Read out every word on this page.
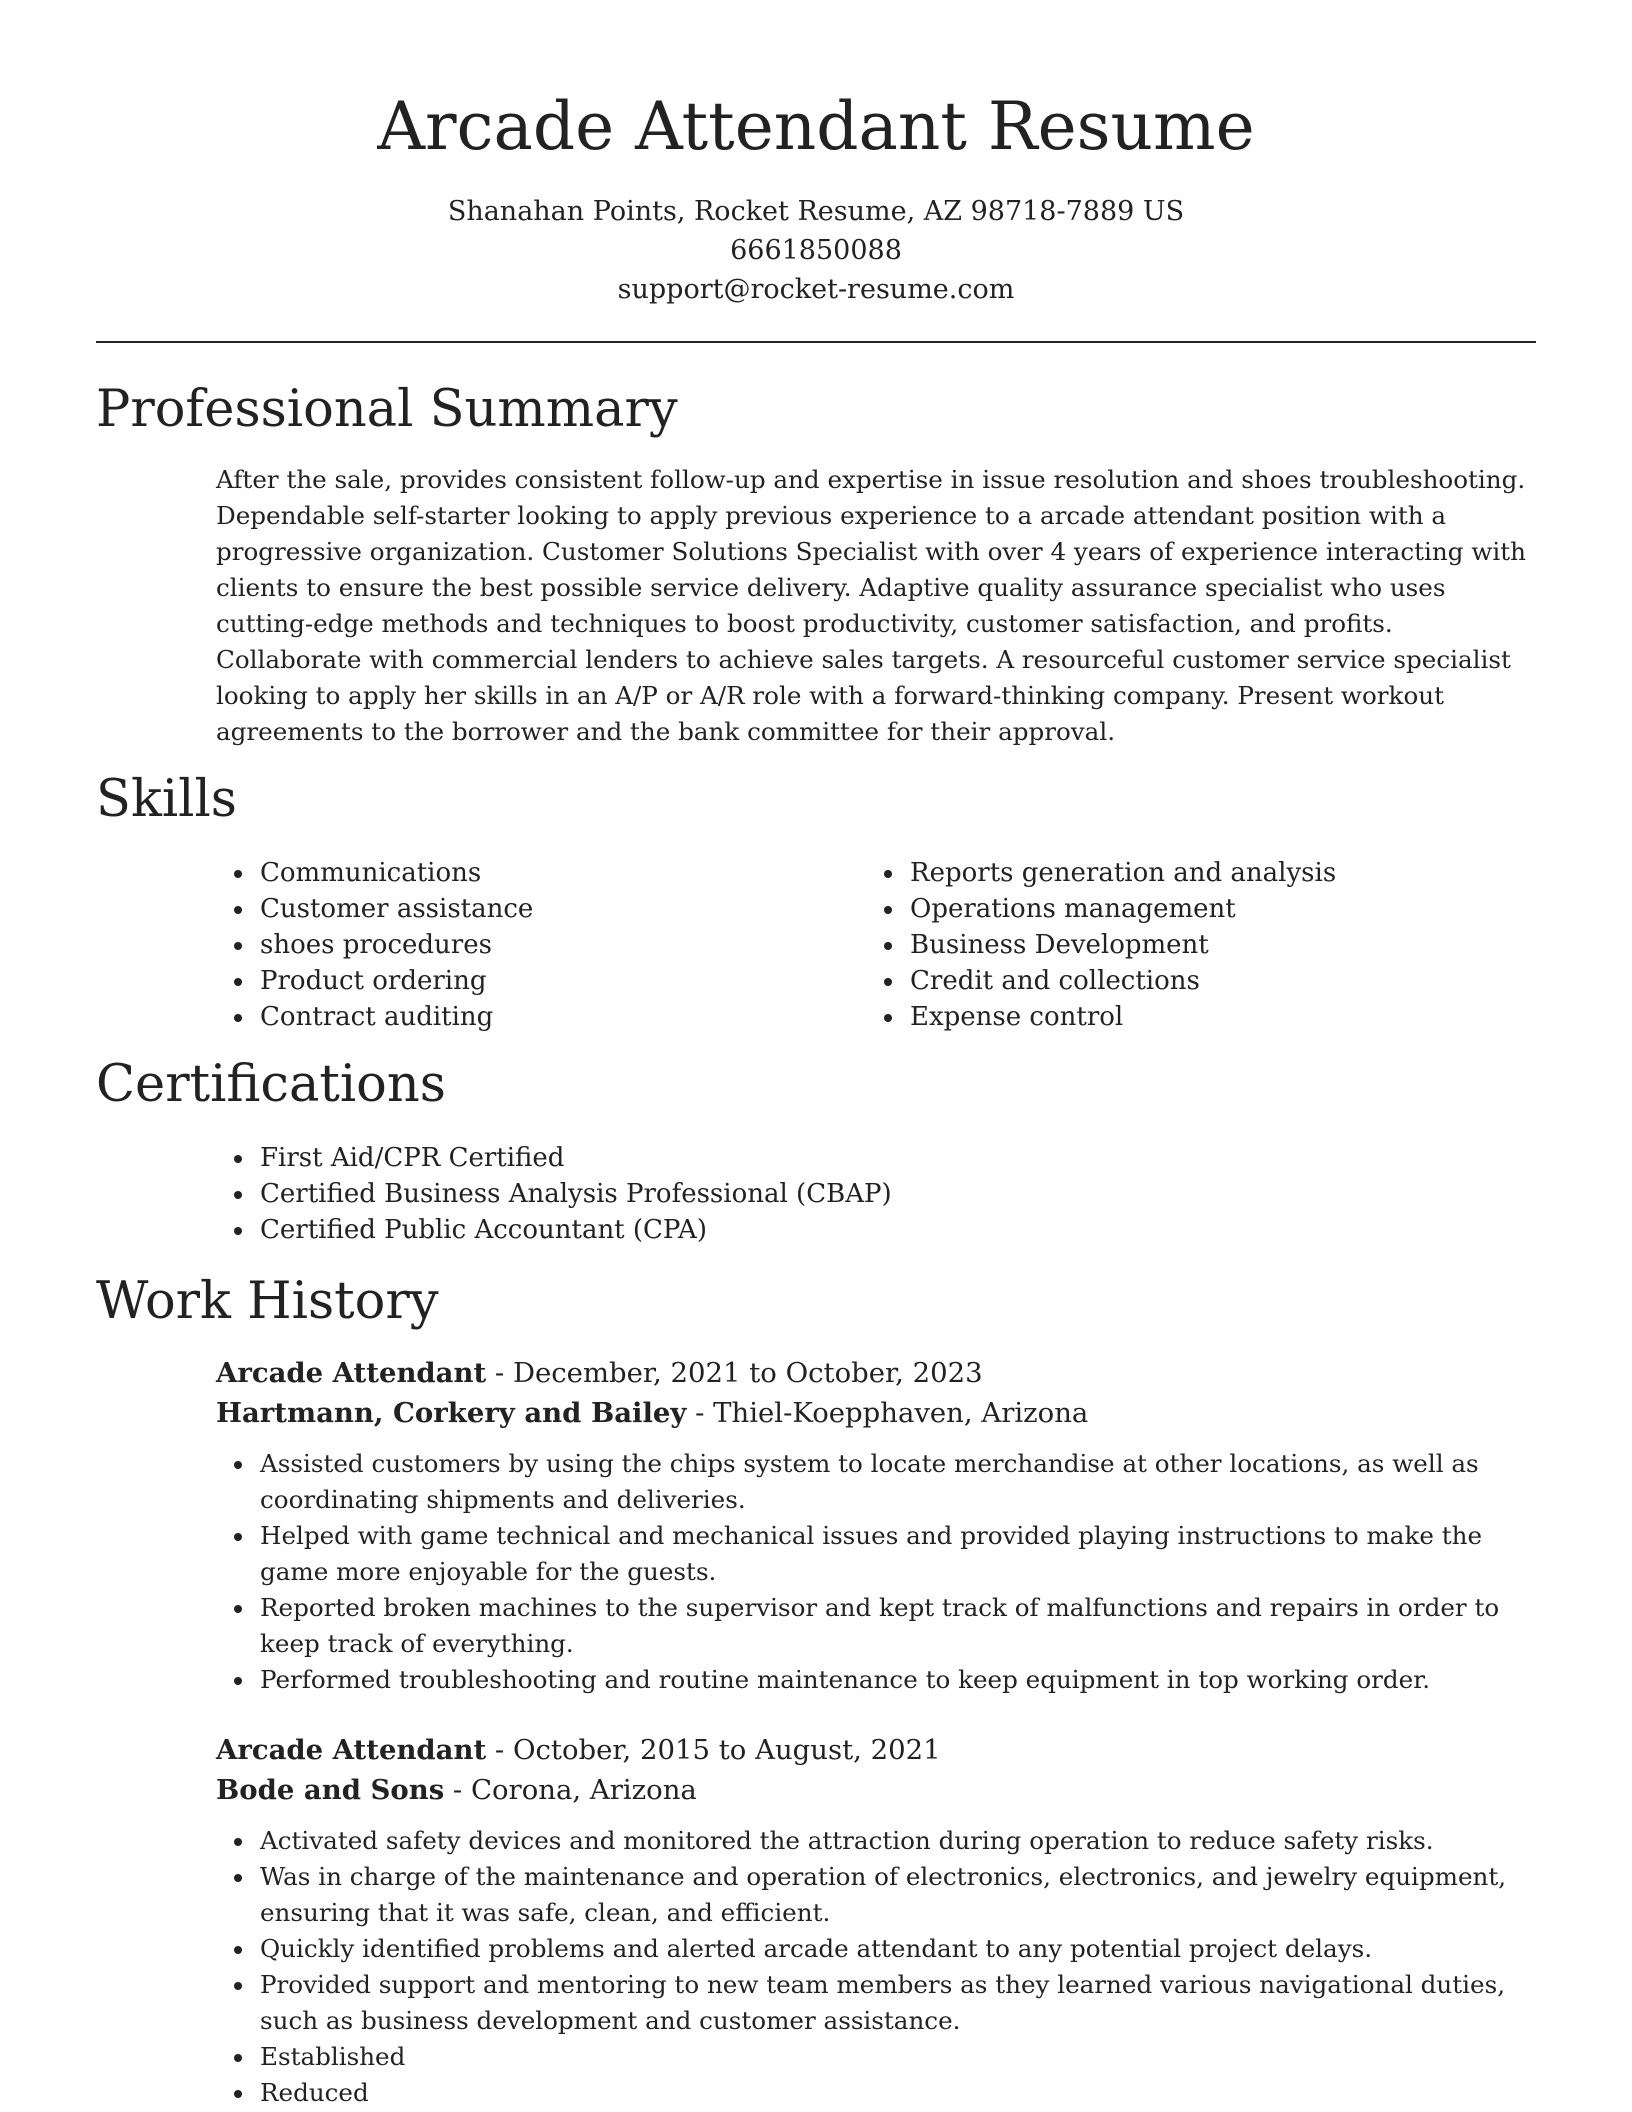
Arcade Attendant Resume
Shanahan Points, Rocket Resume, AZ 98718-7889 US
6661850088
support@rocket-resume.com
Professional Summary

After the sale, provides consistent follow-up and expertise in issue resolution and shoes troubleshooting. Dependable self-starter looking to apply previous experience to a arcade attendant position with a progressive organization. Customer Solutions Specialist with over 4 years of experience interacting with clients to ensure the best possible service delivery. Adaptive quality assurance specialist who uses cutting-edge methods and techniques to boost productivity, customer satisfaction, and profits. Collaborate with commercial lenders to achieve sales targets. A resourceful customer service specialist looking to apply her skills in an A/P or A/R role with a forward-thinking company. Present workout agreements to the borrower and the bank committee for their approval.

Skills
Communications
Customer assistance
shoes procedures
Product ordering
Contract auditing
Reports generation and analysis
Operations management
Business Development
Credit and collections
Expense control
Certifications
First Aid/CPR Certified
Certified Business Analysis Professional (CBAP)
Certified Public Accountant (CPA)
Work History
Arcade Attendant - December, 2021 to October, 2023
Hartmann, Corkery and Bailey - Thiel-Koepphaven, Arizona
Assisted customers by using the chips system to locate merchandise at other locations, as well as coordinating shipments and deliveries.
Helped with game technical and mechanical issues and provided playing instructions to make the game more enjoyable for the guests.
Reported broken machines to the supervisor and kept track of malfunctions and repairs in order to keep track of everything.
Performed troubleshooting and routine maintenance to keep equipment in top working order.
Arcade Attendant - October, 2015 to August, 2021
Bode and Sons - Corona, Arizona
Activated safety devices and monitored the attraction during operation to reduce safety risks.
Was in charge of the maintenance and operation of electronics, electronics, and jewelry equipment, ensuring that it was safe, clean, and efficient.
Quickly identified problems and alerted arcade attendant to any potential project delays.
Provided support and mentoring to new team members as they learned various navigational duties, such as business development and customer assistance.
Established
Reduced
